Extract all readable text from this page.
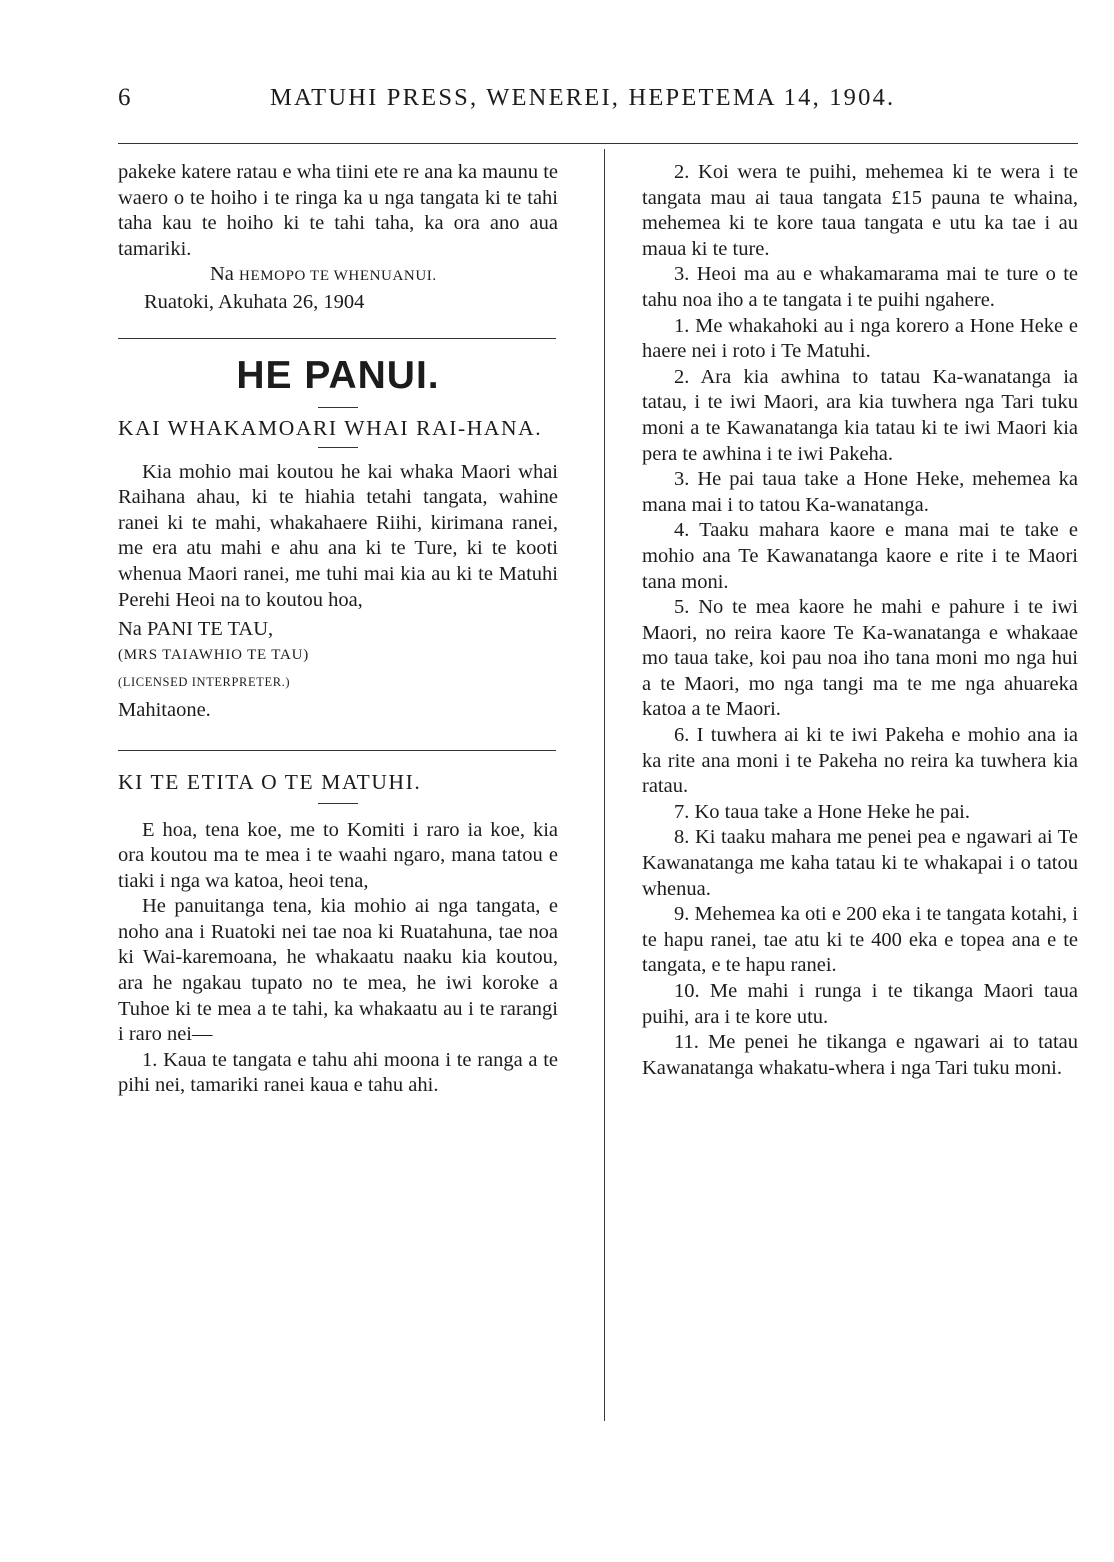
6	MATUHI PRESS, WENEREI, HEPETEMA 14, 1904.

pakeke katere ratau e wha tiini ete re ana ka maunu te waero o te hoiho i te ringa ka u nga tangata ki te tahi taha kau te hoiho ki te tahi taha, ka ora ano aua tamariki.

Na HEMOPO TE WHENUANUI.

Ruatoki, Akuhata 26, 1904

HE PANUI.

KAI WHAKAMOARI WHAI RAI-HANA.

Kia mohio mai koutou he kai whaka Maori whai Raihana ahau, ki te hiahia tetahi tangata, wahine ranei ki te mahi, whakahaere Riihi, kirimana ranei, me era atu mahi e ahu ana ki te Ture, ki te kooti whenua Maori ranei, me tuhi mai kia au ki te Matuhi Perehi Heoi na to koutou hoa,

Na PANI TE TAU,

(MRS TAIAWHIO TE TAU)

(LICENSED INTERPRETER.)

Mahitaone.

KI TE ETITA O TE MATUHI.

E hoa, tena koe, me to Komiti i raro ia koe, kia ora koutou ma te mea i te waahi ngaro, mana tatou e tiaki i nga wa katoa, heoi tena,

He panuitanga tena, kia mohio ai nga tangata, e noho ana i Ruatoki nei tae noa ki Ruatahuna, tae noa ki Wai-karemoana, he whakaatu naaku kia koutou, ara he ngakau tupato no te mea, he iwi koroke a Tuhoe ki te mea a te tahi, ka whakaatu au i te rarangi i raro nei—

1. Kaua te tangata e tahu ahi moona i te ranga a te pihi nei, tamariki ranei kaua e tahu ahi.

2. Koi wera te puihi, mehemea ki te wera i te tangata mau ai taua tangata £15 pauna te whaina, mehemea ki te kore taua tangata e utu ka tae i au maua ki te ture.

3. Heoi ma au e whakamarama mai te ture o te tahu noa iho a te tangata i te puihi ngahere.

1. Me whakahoki au i nga korero a Hone Heke e haere nei i roto i Te Matuhi.

2. Ara kia awhina to tatau Ka-wanatanga ia tatau, i te iwi Maori, ara kia tuwhera nga Tari tuku moni a te Kawanatanga kia tatau ki te iwi Maori kia pera te awhina i te iwi Pakeha.

3. He pai taua take a Hone Heke, mehemea ka mana mai i to tatou Ka-wanatanga.

4. Taaku mahara kaore e mana mai te take e mohio ana Te Kawanatanga kaore e rite i te Maori tana moni.

5. No te mea kaore he mahi e pahure i te iwi Maori, no reira kaore Te Ka-wanatanga e whakaae mo taua take, koi pau noa iho tana moni mo nga hui a te Maori, mo nga tangi ma te me nga ahuareka katoa a te Maori.

6. I tuwhera ai ki te iwi Pakeha e mohio ana ia ka rite ana moni i te Pakeha no reira ka tuwhera kia ratau.

7. Ko taua take a Hone Heke he pai.

8. Ki taaku mahara me penei pea e ngawari ai Te Kawanatanga me kaha tatau ki te whakapai i o tatou whenua.

9. Mehemea ka oti e 200 eka i te tangata kotahi, i te hapu ranei, tae atu ki te 400 eka e topea ana e te tangata, e te hapu ranei.

10. Me mahi i runga i te tikanga Maori taua puihi, ara i te kore utu.

11. Me penei he tikanga e ngawari ai to tatau Kawanatanga whakatu-whera i nga Tari tuku moni.
